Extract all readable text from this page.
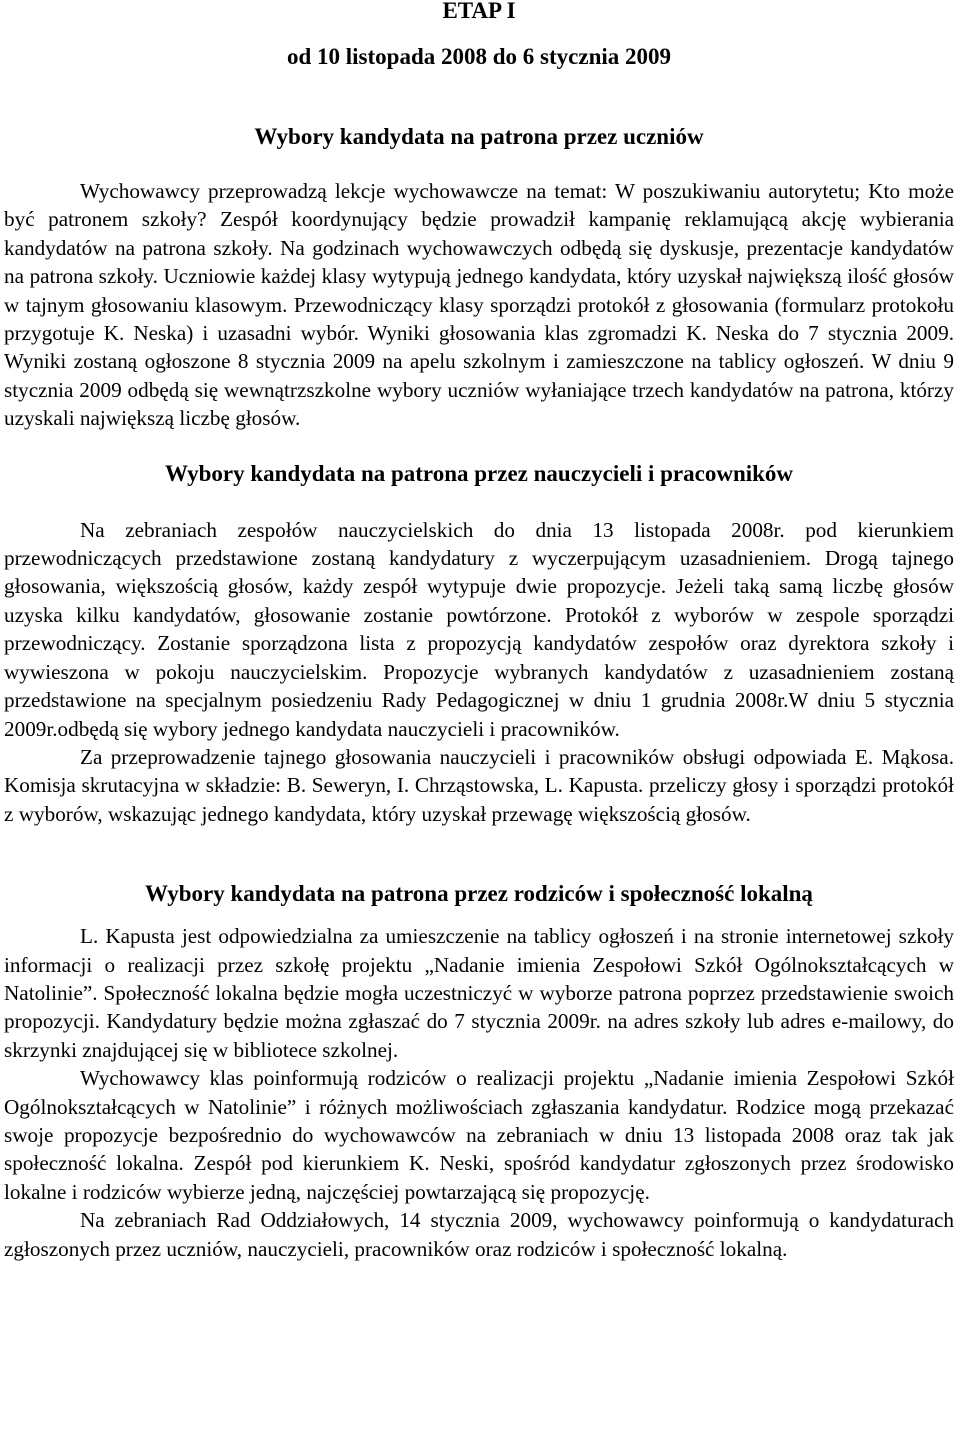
ETAP I
od 10 listopada 2008 do 6 stycznia 2009
Wybory kandydata na patrona przez uczniów

Wychowawcy przeprowadzą lekcje wychowawcze na temat: W poszukiwaniu autorytetu; Kto może być patronem szkoły? Zespół koordynujący będzie prowadził kampanię reklamującą akcję wybierania kandydatów na patrona szkoły. Na godzinach wychowawczych odbędą się dyskusje, prezentacje kandydatów na patrona szkoły. Uczniowie każdej klasy wytypują jednego kandydata, który uzyskał największą ilość głosów w tajnym głosowaniu klasowym. Przewodniczący klasy sporządzi protokół z głosowania (formularz protokołu przygotuje K. Neska) i uzasadni wybór. Wyniki głosowania klas zgromadzi K. Neska do 7 stycznia 2009. Wyniki zostaną ogłoszone 8 stycznia 2009 na apelu szkolnym i zamieszczone na tablicy ogłoszeń. W dniu 9 stycznia 2009 odbędą się wewnątrzszkolne wybory uczniów wyłaniające trzech kandydatów na patrona, którzy uzyskali największą liczbę głosów.

Wybory kandydata na patrona przez nauczycieli i pracowników

Na zebraniach zespołów nauczycielskich do dnia 13 listopada 2008r. pod kierunkiem przewodniczących przedstawione zostaną kandydatury z wyczerpującym uzasadnieniem. Drogą tajnego głosowania, większością głosów, każdy zespół wytypuje dwie propozycje. Jeżeli taką samą liczbę głosów uzyska kilku kandydatów, głosowanie zostanie powtórzone. Protokół z wyborów w zespole sporządzi przewodniczący. Zostanie sporządzona lista z propozycją kandydatów zespołów oraz dyrektora szkoły i wywieszona w pokoju nauczycielskim. Propozycje wybranych kandydatów z uzasadnieniem zostaną przedstawione na specjalnym posiedzeniu Rady Pedagogicznej w dniu 1 grudnia 2008r.W dniu 5 stycznia 2009r.odbędą się wybory jednego kandydata nauczycieli i pracowników.

Za przeprowadzenie tajnego głosowania nauczycieli i pracowników obsługi odpowiada E. Mąkosa. Komisja skrutacyjna w składzie: B. Seweryn, I. Chrząstowska, L. Kapusta. przeliczy głosy i sporządzi protokół z wyborów, wskazując jednego kandydata, który uzyskał przewagę większością głosów.

Wybory kandydata na patrona przez rodziców i społeczność lokalną

L. Kapusta jest odpowiedzialna za umieszczenie na tablicy ogłoszeń i na stronie internetowej szkoły informacji o realizacji przez szkołę projektu „Nadanie imienia Zespołowi Szkół Ogólnokształcących w Natolinie”. Społeczność lokalna będzie mogła uczestniczyć w wyborze patrona poprzez przedstawienie swoich propozycji. Kandydatury będzie można zgłaszać do 7 stycznia 2009r. na adres szkoły lub adres e-mailowy, do skrzynki znajdującej się w bibliotece szkolnej.

Wychowawcy klas poinformują rodziców o realizacji projektu „Nadanie imienia Zespołowi Szkół Ogólnokształcących w Natolinie” i różnych możliwościach zgłaszania kandydatur. Rodzice mogą przekazać swoje propozycje bezpośrednio do wychowawców na zebraniach w dniu 13 listopada 2008 oraz tak jak społeczność lokalna. Zespół pod kierunkiem K. Neski, spośród kandydatur zgłoszonych przez środowisko lokalne i rodziców wybierze jedną, najczęściej powtarzającą się propozycję.

Na zebraniach Rad Oddziałowych, 14 stycznia 2009, wychowawcy poinformują o kandydaturach zgłoszonych przez uczniów, nauczycieli, pracowników oraz rodziców i społeczność lokalną.
